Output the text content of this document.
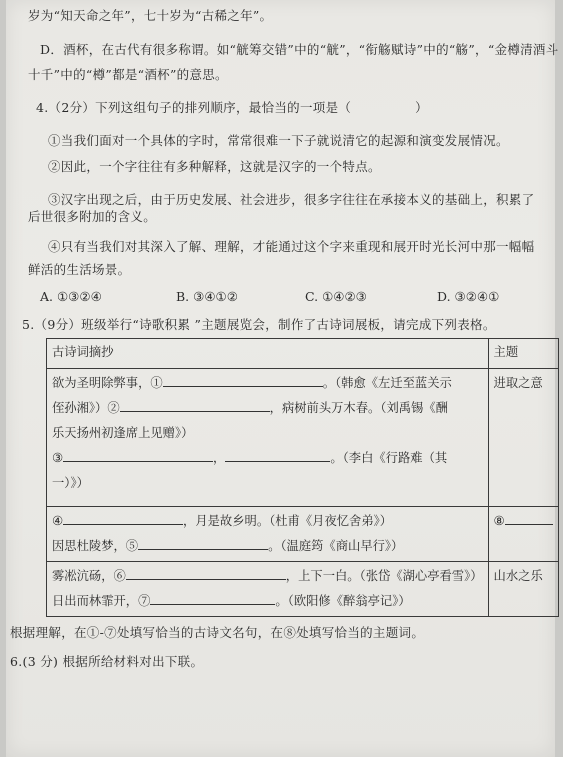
岁为“知天命之年”，七十岁为“古稀之年”。
D．酒杯，在古代有很多称谓。如“觥筹交错”中的“觥”，“衔觞赋诗”中的“觞”，“金樽清酒斗
十千”中的“樽”都是“酒杯”的意思。
4.（2分）下列这组句子的排列顺序，最恰当的一项是（　　　　　）
①当我们面对一个具体的字时，常常很难一下子就说清它的起源和演变发展情况。
②因此，一个字往往有多种解释，这就是汉字的一个特点。
③汉字出现之后，由于历史发展、社会进步，很多字往往在承接本义的基础上，积累了
后世很多附加的含义。
④只有当我们对其深入了解、理解，才能通过这个字来重现和展开时光长河中那一幅幅
鲜活的生活场景。
A. ①③②④	B. ③④①②	C. ①④②③	D. ③②④①
5.（9分）班级举行“诗歌积累 ”主题展览会，制作了古诗词展板，请完成下列表格。
古诗词摘抄	主题

欲为圣明除弊事，① 。（韩愈《左迁至蓝关示
侄孙湘》）② ，病树前头万木春。（刘禹锡《酬
乐天扬州初逢席上见赠》）
③ ， 。（李白《行路难（其
一）》）	进取之意

④ ，月是故乡明。（杜甫《月夜忆舍弟》）
因思杜陵梦，⑤ 。（温庭筠《商山早行》）	⑧

雾凇沆砀，⑥ ，上下一白。（张岱《湖心亭看雪》）
日出而林霏开，⑦ 。（欧阳修《醉翁亭记》）	山水之乐
根据理解，在①-⑦处填写恰当的古诗文名句，在⑧处填写恰当的主题词。
6.(3 分) 根据所给材料对出下联。
